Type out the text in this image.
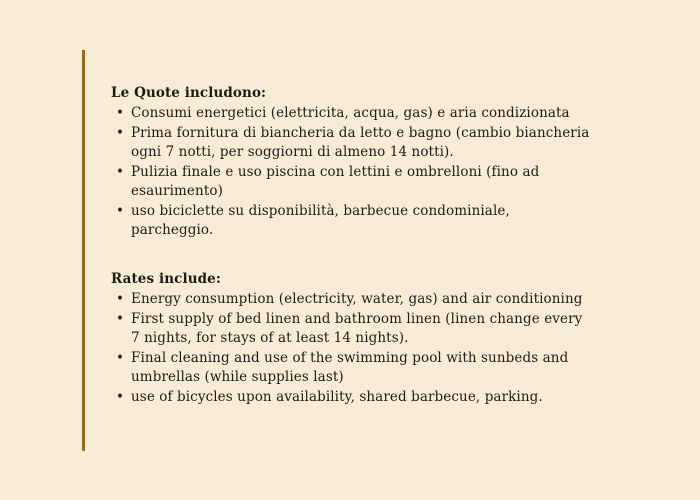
Le Quote includono:
• Consumi energetici (elettricita, acqua, gas) e aria condizionata
• Prima fornitura di biancheria da letto e bagno (cambio biancheria ogni 7 notti, per soggiorni di almeno 14 notti).
• Pulizia finale e uso piscina con lettini e ombrelloni (fino ad esaurimento)
• uso biciclette su disponibilità, barbecue condominiale, parcheggio.
Rates include:
• Energy consumption (electricity, water, gas) and air conditioning
• First supply of bed linen and bathroom linen (linen change every 7 nights, for stays of at least 14 nights).
• Final cleaning and use of the swimming pool with sunbeds and umbrellas (while supplies last)
• use of bicycles upon availability, shared barbecue, parking.
